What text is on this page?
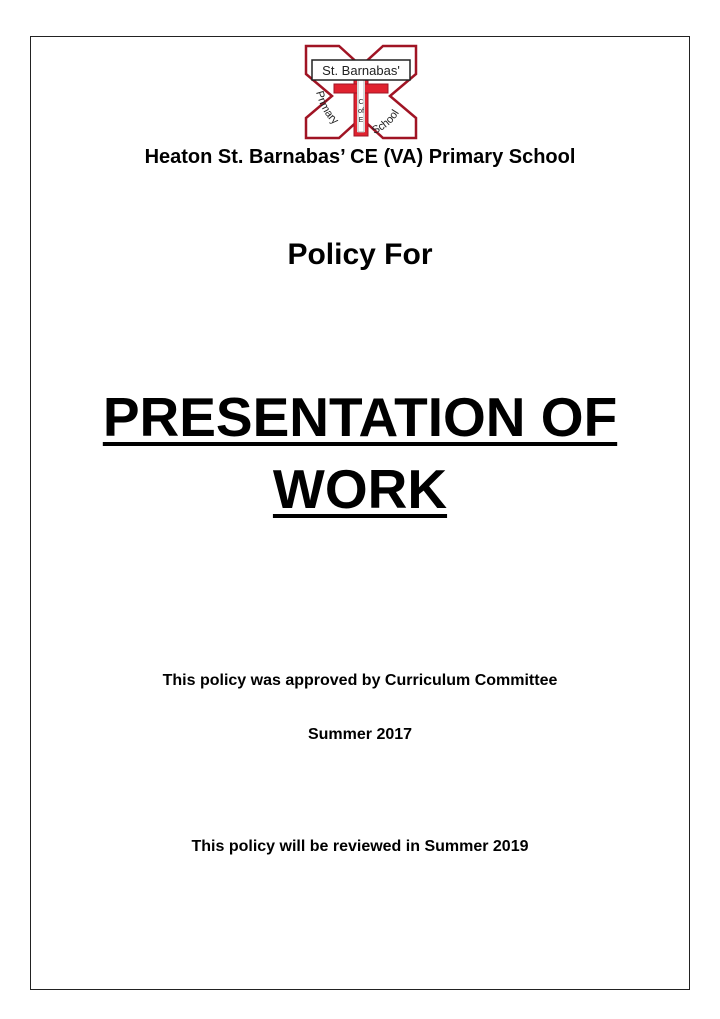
St. Barnabas'
C
of
E
Primary
School
Heaton St. Barnabas’ CE (VA) Primary School
Policy For
PRESENTATION OF
WORK

This policy was approved by Curriculum Committee

Summer 2017

This policy will be reviewed in Summer 2019
